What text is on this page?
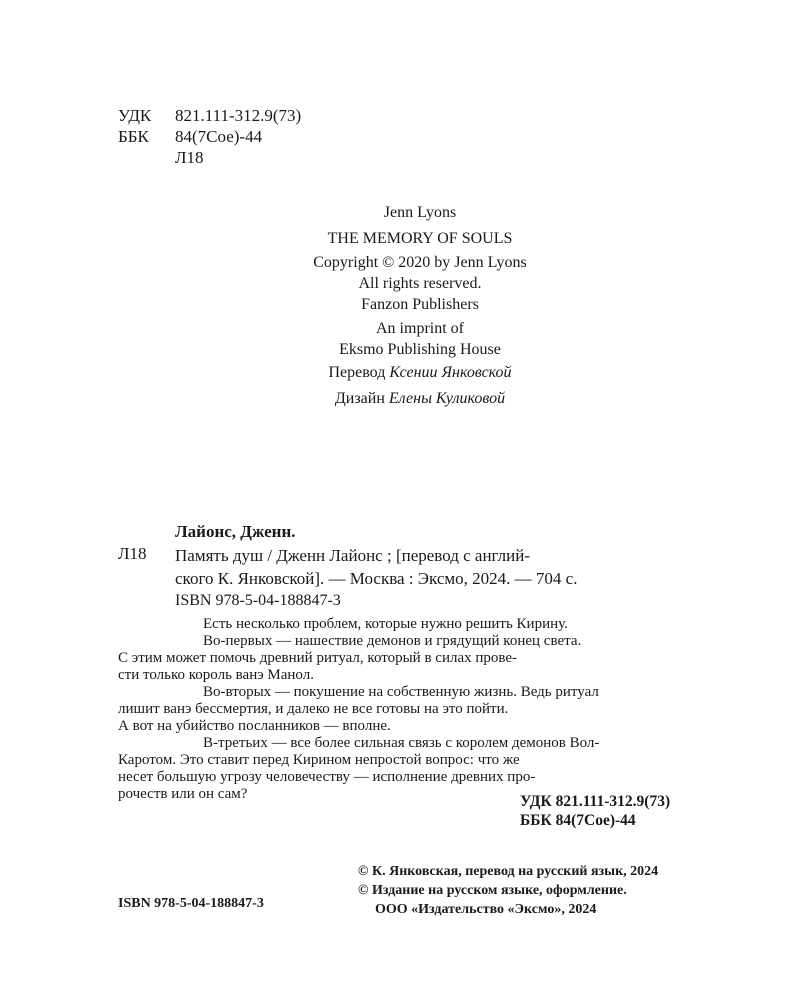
УДК 821.111-312.9(73)
ББК 84(7Сое)-44
Л18
Jenn Lyons
THE MEMORY OF SOULS
Copyright © 2020 by Jenn Lyons
All rights reserved.
Fanzon Publishers
An imprint of
Eksmo Publishing House
Перевод Ксении Янковской
Дизайн Елены Куликовой
Лайонс, Дженн.
Л18 Память душ / Дженн Лайонс ; [перевод с англий-
ского К. Янковской]. — Москва : Эксмо, 2024. — 704 с.
ISBN 978-5-04-188847-3
Есть несколько проблем, которые нужно решить Кирину.
Во-первых — нашествие демонов и грядущий конец света.
С этим может помочь древний ритуал, который в силах прове-
сти только король ванэ Манол.
Во-вторых — покушение на собственную жизнь. Ведь ритуал
лишит ванэ бессмертия, и далеко не все готовы на это пойти.
А вот на убийство посланников — вполне.
В-третьих — все более сильная связь с королем демонов Вол-
Каротом. Это ставит перед Кирином непростой вопрос: что же
несет большую угрозу человечеству — исполнение древних про-
рочеств или он сам?	УДК 821.111-312.9(73)
ББК 84(7Сое)-44
© К. Янковская, перевод на русский язык, 2024
© Издание на русском языке, оформление.
ООО «Издательство «Эксмо», 2024
ISBN 978-5-04-188847-3
